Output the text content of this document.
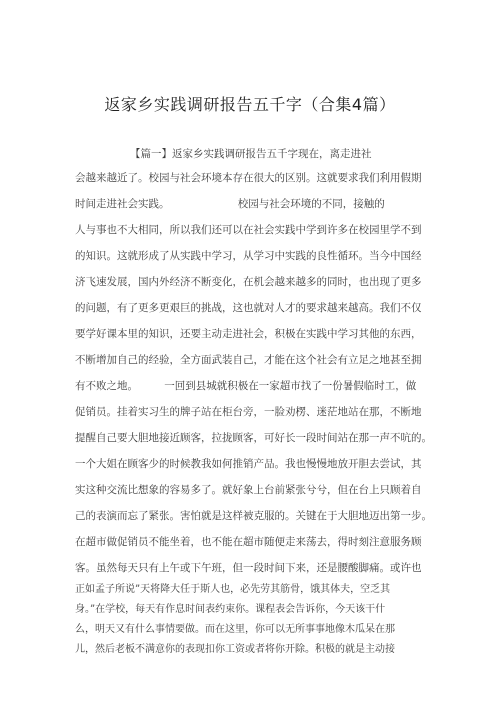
返家乡实践调研报告五千字（合集4篇）
【篇一】返家乡实践调研报告五千字现在，离走进社
会越来越近了。校园与社会环境本存在很大的区别。这就要求我们利用假期
时间走进社会实践。　　　　　　　校园与社会环境的不同，接触的
人与事也不大相同，所以我们还可以在社会实践中学到许多在校园里学不到
的知识。这就形成了从实践中学习，从学习中实践的良性循环。当今中国经
济飞速发展，国内外经济不断变化，在机会越来越多的同时，也出现了更多
的问题，有了更多更艰巨的挑战，这也就对人才的要求越来越高。我们不仅
要学好课本里的知识，还要主动走进社会，积极在实践中学习其他的东西，
不断增加自己的经验，全方面武装自己，才能在这个社会有立足之地甚至拥
有不败之地。　　　一回到县城就积极在一家超市找了一份暑假临时工，做
促销员。挂着实习生的牌子站在柜台旁，一脸劝楞、迷茫地站在那，不断地
提醒自己要大胆地接近顾客，拉拢顾客，可好长一段时间站在那一声不吭的。
一个大姐在顾客少的时候教我如何推销产品。我也慢慢地放开胆去尝试，其
实这种交流比想象的容易多了。就好象上台前紧张兮兮，但在台上只顾着自
己的表演而忘了紧张。害怕就是这样被克服的。关键在于大胆地迈出第一步。
在超市做促销员不能坐着，也不能在超市随便走来荡去，得时刻注意服务顾
客。虽然每天只有上午或下午班，但一段时间下来，还是腰酸脚痛。或许也
正如孟子所说”天将降大任于斯人也，必先劳其筋骨，饿其体夫，空乏其
身。”在学校，每天有作息时间表约束你。课程表会告诉你，今天该干什
么，明天又有什么事情要做。而在这里，你可以无所事事地像木瓜呆在那
儿，然后老板不满意你的表现扣你工资或者将你开除。积极的就是主动接
